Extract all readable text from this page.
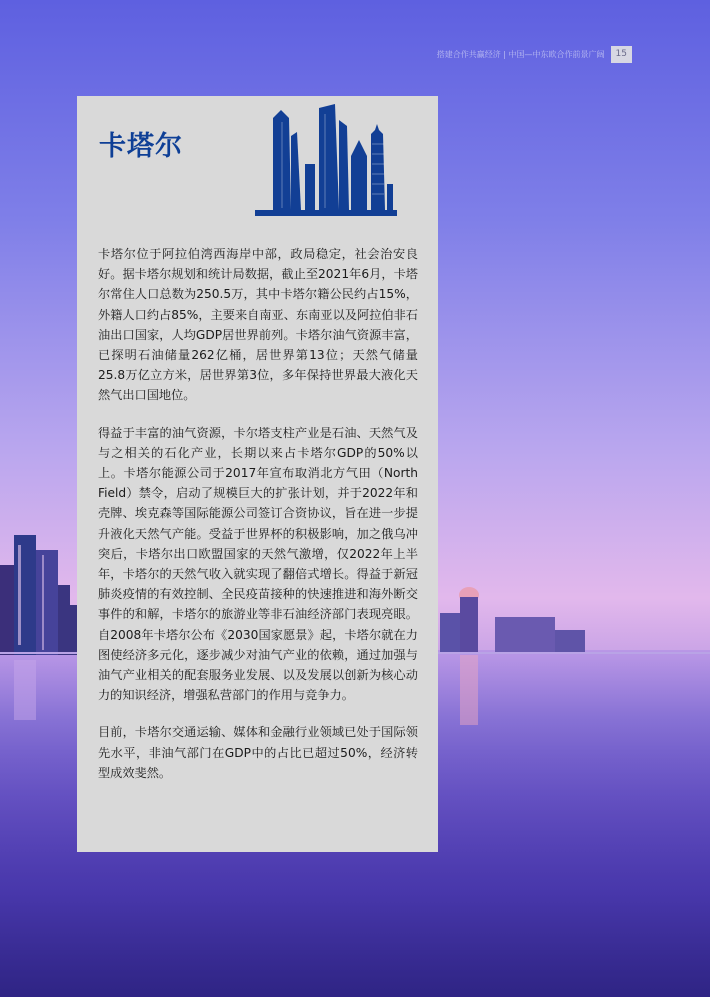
搭建合作共赢经济 | 中国—中东欧合作前景广阔	15
卡塔尔

卡塔尔位于阿拉伯湾西海岸中部，政局稳定，社会治安良好。据卡塔尔规划和统计局数据，截止至2021年6月，卡塔尔常住人口总数为250.5万，其中卡塔尔籍公民约占15%，外籍人口约占85%，主要来自南亚、东南亚以及阿拉伯非石油出口国家，人均GDP居世界前列。卡塔尔油气资源丰富，已探明石油储量262亿桶，居世界第13位；天然气储量25.8万亿立方米，居世界第3位，多年保持世界最大液化天然气出口国地位。

得益于丰富的油气资源，卡尔塔支柱产业是石油、天然气及与之相关的石化产业，长期以来占卡塔尔GDP的50%以上。卡塔尔能源公司于2017年宣布取消北方气田（North Field）禁令，启动了规模巨大的扩张计划，并于2022年和壳牌、埃克森等国际能源公司签订合资协议，旨在进一步提升液化天然气产能。受益于世界杯的积极影响，加之俄乌冲突后，卡塔尔出口欧盟国家的天然气激增，仅2022年上半年，卡塔尔的天然气收入就实现了翻倍式增长。得益于新冠肺炎疫情的有效控制、全民疫苗接种的快速推进和海外断交事件的和解，卡塔尔的旅游业等非石油经济部门表现亮眼。自2008年卡塔尔公布《2030国家愿景》起，卡塔尔就在力图使经济多元化，逐步减少对油气产业的依赖，通过加强与油气产业相关的配套服务业发展、以及发展以创新为核心动力的知识经济，增强私营部门的作用与竞争力。

目前，卡塔尔交通运输、媒体和金融行业领域已处于国际领先水平，非油气部门在GDP中的占比已超过50%，经济转型成效斐然。
